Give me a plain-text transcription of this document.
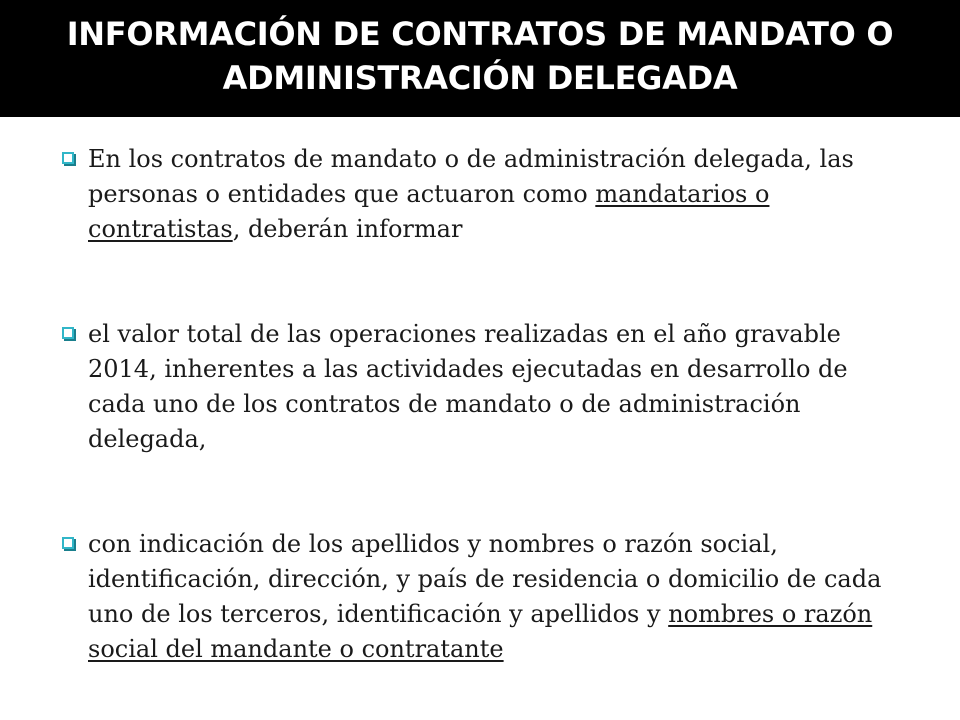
INFORMACIÓN DE CONTRATOS DE MANDATO O
ADMINISTRACIÓN DELEGADA

En los contratos de mandato o de administración delegada, las personas o entidades que actuaron como mandatarios o contratistas, deberán informar

el valor total de las operaciones realizadas en el año gravable 2014, inherentes a las actividades ejecutadas en desarrollo de cada uno de los contratos de mandato o de administración delegada,

con indicación de los apellidos y nombres o razón social, identificación, dirección, y país de residencia o domicilio de cada uno de los terceros, identificación y apellidos y nombres o razón social del mandante o contratante
